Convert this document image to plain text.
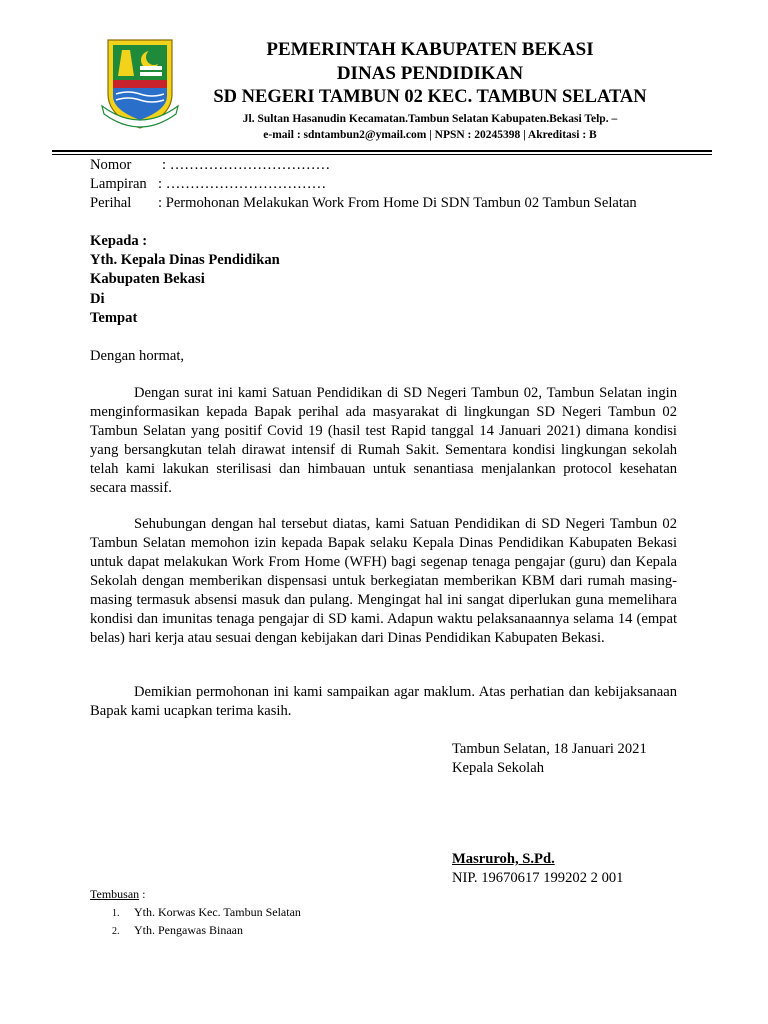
PEMERINTAH KABUPATEN BEKASI
DINAS PENDIDIKAN
SD NEGERI TAMBUN 02 KEC. TAMBUN SELATAN
Jl. Sultan Hasanudin Kecamatan.Tambun Selatan Kabupaten.Bekasi Telp. –
e-mail : sdntambun2@ymail.com | NPSN : 20245398 | Akreditasi : B
Nomor : ……………………………
Lampiran : ……………………………
Perihal : Permohonan Melakukan Work From Home Di SDN Tambun 02 Tambun Selatan
Kepada :
Yth. Kepala Dinas Pendidikan
Kabupaten Bekasi
Di
Tempat
Dengan hormat,
Dengan surat ini kami Satuan Pendidikan di SD Negeri Tambun 02, Tambun Selatan ingin menginformasikan kepada Bapak perihal ada masyarakat di lingkungan SD Negeri Tambun 02 Tambun Selatan yang positif Covid 19 (hasil test Rapid tanggal 14 Januari 2021) dimana kondisi yang bersangkutan telah dirawat intensif di Rumah Sakit. Sementara kondisi lingkungan sekolah telah kami lakukan sterilisasi dan himbauan untuk senantiasa menjalankan protocol kesehatan secara massif.
Sehubungan dengan hal tersebut diatas, kami Satuan Pendidikan di SD Negeri Tambun 02 Tambun Selatan memohon izin kepada Bapak selaku Kepala Dinas Pendidikan Kabupaten Bekasi untuk dapat melakukan Work From Home (WFH) bagi segenap tenaga pengajar (guru) dan Kepala Sekolah dengan memberikan dispensasi untuk berkegiatan memberikan KBM dari rumah masing-masing termasuk absensi masuk dan pulang. Mengingat hal ini sangat diperlukan guna memelihara kondisi dan imunitas tenaga pengajar di SD kami. Adapun waktu pelaksanaannya selama 14 (empat belas) hari kerja atau sesuai dengan kebijakan dari Dinas Pendidikan Kabupaten Bekasi.
Demikian permohonan ini kami sampaikan agar maklum. Atas perhatian dan kebijaksanaan Bapak kami ucapkan terima kasih.
Tambun Selatan, 18 Januari 2021
Kepala Sekolah
Masruroh, S.Pd.
NIP. 19670617 199202 2 001
Tembusan :
1. Yth. Korwas Kec. Tambun Selatan
2. Yth. Pengawas Binaan
